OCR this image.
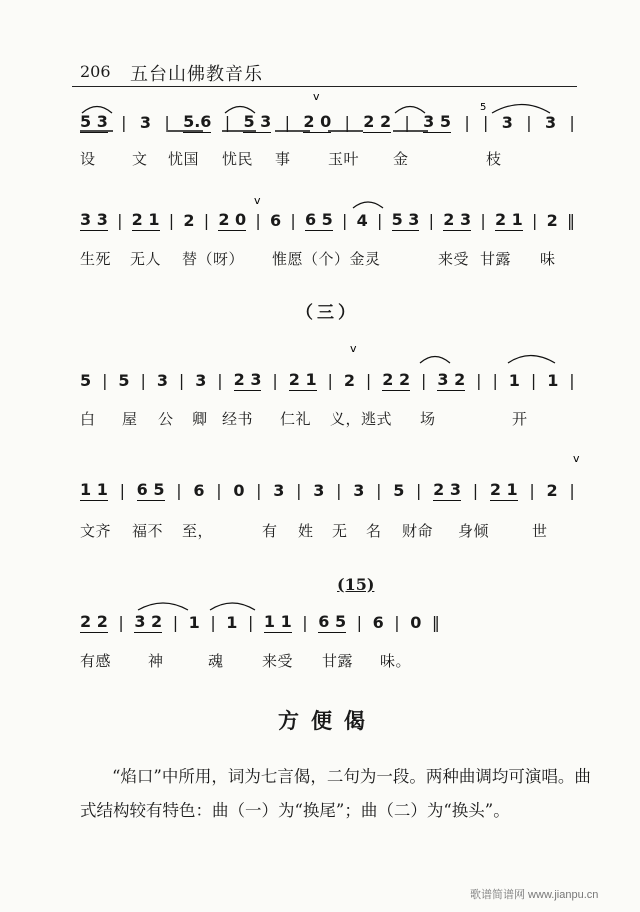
206 五台山佛教音乐
v
5
5 3 | 3 | 5.6 | 5 3 | 2 0 | 2 2 | 3 5 | | 3 | 3 |
设 文 忧国 忧民 事 玉叶 金	枝
3 3 | 2 1 | 2 | 2 0 | 6 | 6 5 | 4 | 5 3 | 2 3 | 2 1 | 2 ‖
生死 无人 替（呀） 惟愿（个）金灵	来受 甘露 味
5 | 5 | 3 | 3 | 2 3 | 2 1 | 2 | 2 2 | 3 2 | | 1 | 1 |
白 屋 公 卿 经书 仁礼 义，逃式 场	开
1 1 | 6 5 | 6 | 0 | 3 | 3 | 3 | 5 | 2 3 | 2 1 | 2 |
文齐 福不 至，	有 姓 无 名 财命 身倾	世
2 2 | 3 2 | 1 | 1 | 1 1 | 6 5 | 6 | 0 ‖
有感 神	魂	来受 甘露 味。
v
v
v
（三）
(15)
方便偈

“焰口”中所用，词为七言偈，二句为一段。两种曲调均可演唱。曲式结构较有特色：曲（一）为“换尾”；曲（二）为“换头”。

歌谱简谱网 www.jianpu.cn
